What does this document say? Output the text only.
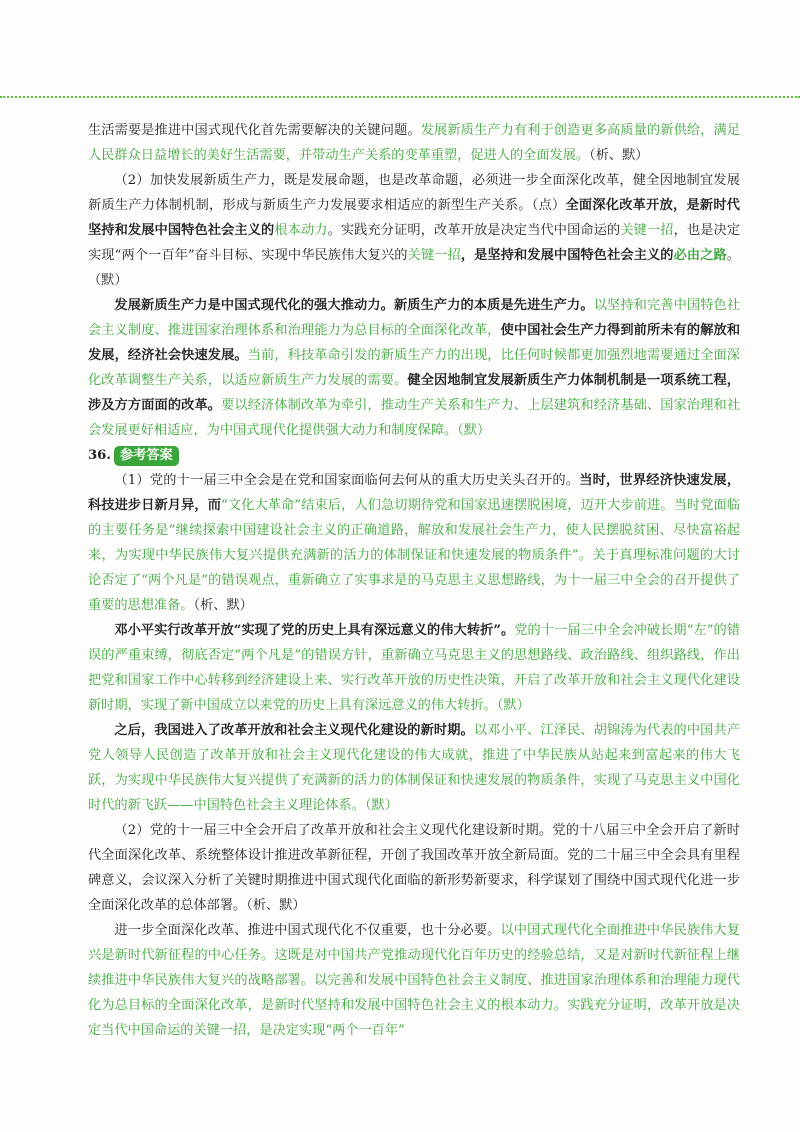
生活需要是推进中国式现代化首先需要解决的关键问题。发展新质生产力有利于创造更多高质量的新供给，满足人民群众日益增长的美好生活需要，并带动生产关系的变革重塑，促进人的全面发展。（析、默）

（2）加快发展新质生产力，既是发展命题，也是改革命题，必须进一步全面深化改革，健全因地制宜发展新质生产力体制机制，形成与新质生产力发展要求相适应的新型生产关系。（点）全面深化改革开放，是新时代坚持和发展中国特色社会主义的根本动力。实践充分证明，改革开放是决定当代中国命运的关键一招，也是决定实现“两个一百年”奋斗目标、实现中华民族伟大复兴的关键一招，是坚持和发展中国特色社会主义的必由之路。（默）

发展新质生产力是中国式现代化的强大推动力。新质生产力的本质是先进生产力。以坚持和完善中国特色社会主义制度、推进国家治理体系和治理能力为总目标的全面深化改革，使中国社会生产力得到前所未有的解放和发展，经济社会快速发展。当前，科技革命引发的新质生产力的出现，比任何时候都更加强烈地需要通过全面深化改革调整生产关系，以适应新质生产力发展的需要。健全因地制宜发展新质生产力体制机制是一项系统工程，涉及方方面面的改革。要以经济体制改革为牵引，推动生产关系和生产力、上层建筑和经济基础、国家治理和社会发展更好相适应，为中国式现代化提供强大动力和制度保障。（默）

36. 参考答案

（1）党的十一届三中全会是在党和国家面临何去何从的重大历史关头召开的。当时，世界经济快速发展，科技进步日新月异，而“文化大革命”结束后，人们急切期待党和国家迅速摆脱困境，迈开大步前进。当时党面临的主要任务是“继续探索中国建设社会主义的正确道路，解放和发展社会生产力，使人民摆脱贫困、尽快富裕起来，为实现中华民族伟大复兴提供充满新的活力的体制保证和快速发展的物质条件”。关于真理标准问题的大讨论否定了“两个凡是”的错误观点，重新确立了实事求是的马克思主义思想路线，为十一届三中全会的召开提供了重要的思想准备。（析、默）

邓小平实行改革开放“实现了党的历史上具有深远意义的伟大转折”。党的十一届三中全会冲破长期“左”的错误的严重束缚，彻底否定“两个凡是”的错误方针，重新确立马克思主义的思想路线、政治路线、组织路线，作出把党和国家工作中心转移到经济建设上来、实行改革开放的历史性决策，开启了改革开放和社会主义现代化建设新时期，实现了新中国成立以来党的历史上具有深远意义的伟大转折。（默）

之后，我国进入了改革开放和社会主义现代化建设的新时期。以邓小平、江泽民、胡锦涛为代表的中国共产党人领导人民创造了改革开放和社会主义现代化建设的伟大成就，推进了中华民族从站起来到富起来的伟大飞跃，为实现中华民族伟大复兴提供了充满新的活力的体制保证和快速发展的物质条件，实现了马克思主义中国化时代的新飞跃——中国特色社会主义理论体系。（默）

（2）党的十一届三中全会开启了改革开放和社会主义现代化建设新时期。党的十八届三中全会开启了新时代全面深化改革、系统整体设计推进改革新征程，开创了我国改革开放全新局面。党的二十届三中全会具有里程碑意义，会议深入分析了关键时期推进中国式现代化面临的新形势新要求，科学谋划了围绕中国式现代化进一步全面深化改革的总体部署。（析、默）

进一步全面深化改革、推进中国式现代化不仅重要，也十分必要。以中国式现代化全面推进中华民族伟大复兴是新时代新征程的中心任务。这既是对中国共产党推动现代化百年历史的经验总结，又是对新时代新征程上继续推进中华民族伟大复兴的战略部署。以完善和发展中国特色社会主义制度、推进国家治理体系和治理能力现代化为总目标的全面深化改革，是新时代坚持和发展中国特色社会主义的根本动力。实践充分证明，改革开放是决定当代中国命运的关键一招，是决定实现“两个一百年”
